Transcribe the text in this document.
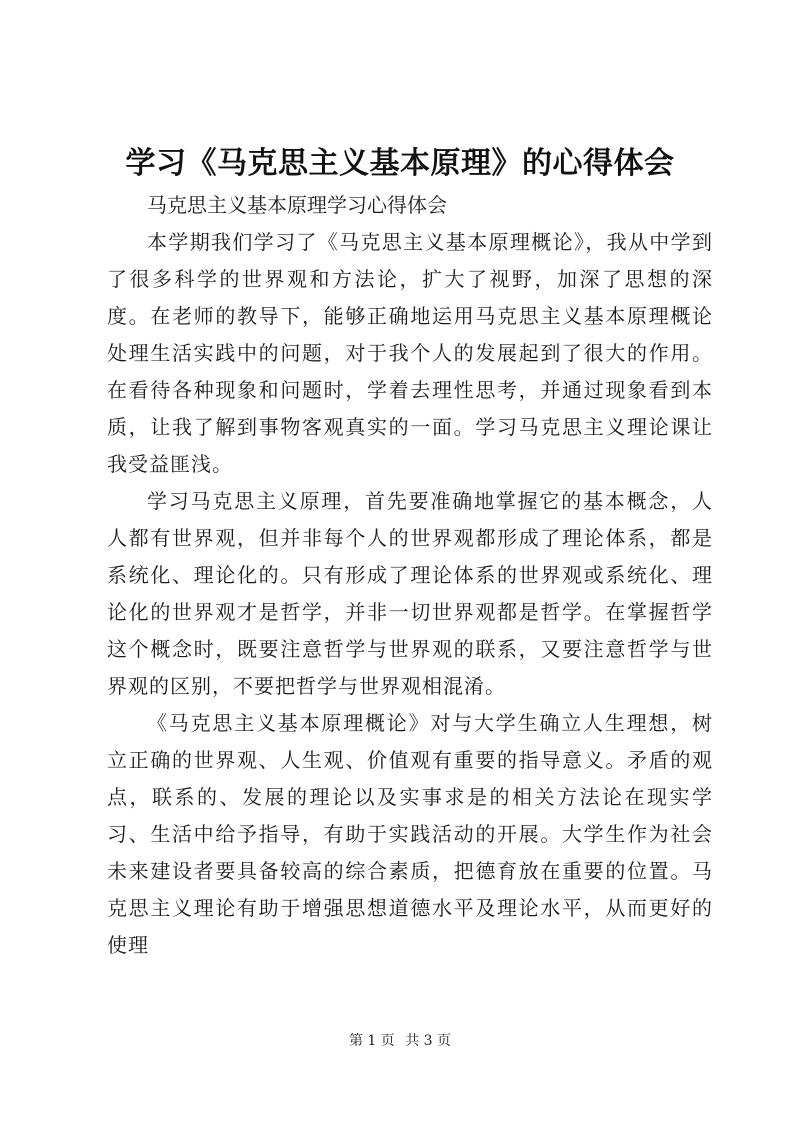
学习《马克思主义基本原理》的心得体会

马克思主义基本原理学习心得体会

本学期我们学习了《马克思主义基本原理概论》，我从中学到了很多科学的世界观和方法论，扩大了视野，加深了思想的深度。在老师的教导下，能够正确地运用马克思主义基本原理概论处理生活实践中的问题，对于我个人的发展起到了很大的作用。在看待各种现象和问题时，学着去理性思考，并通过现象看到本质，让我了解到事物客观真实的一面。学习马克思主义理论课让我受益匪浅。

学习马克思主义原理，首先要准确地掌握它的基本概念，人人都有世界观，但并非每个人的世界观都形成了理论体系，都是系统化、理论化的。只有形成了理论体系的世界观或系统化、理论化的世界观才是哲学，并非一切世界观都是哲学。在掌握哲学这个概念时，既要注意哲学与世界观的联系，又要注意哲学与世界观的区别，不要把哲学与世界观相混淆。

《马克思主义基本原理概论》对与大学生确立人生理想，树立正确的世界观、人生观、价值观有重要的指导意义。矛盾的观点，联系的、发展的理论以及实事求是的相关方法论在现实学习、生活中给予指导，有助于实践活动的开展。大学生作为社会未来建设者要具备较高的综合素质，把德育放在重要的位置。马克思主义理论有助于增强思想道德水平及理论水平，从而更好的使理

第 1 页 共 3 页
